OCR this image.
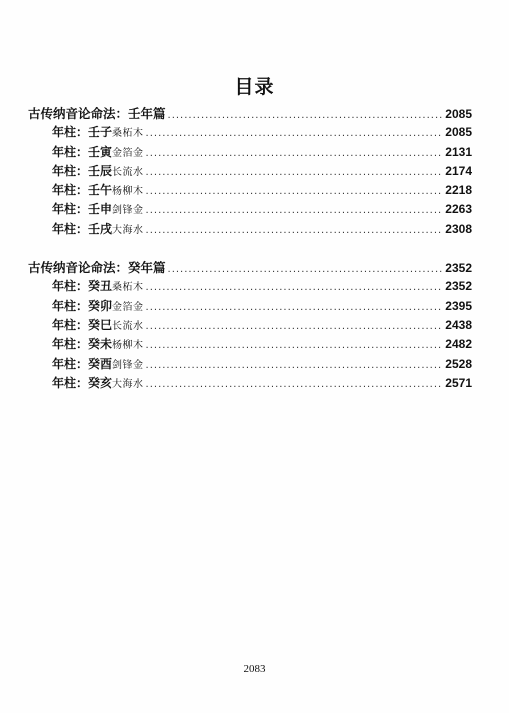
目录
古传纳音论命法：壬年篇 .....	2085
年柱：壬子桑柘木 .....	2085
年柱：壬寅金箔金 .....	2131
年柱：壬辰长流水 .....	2174
年柱：壬午杨柳木 .....	2218
年柱：壬申剑锋金 .....	2263
年柱：壬戌大海水 .....	2308
古传纳音论命法：癸年篇 .....	2352
年柱：癸丑桑柘木 .....	2352
年柱：癸卯金箔金 .....	2395
年柱：癸巳长流水 .....	2438
年柱：癸未杨柳木 .....	2482
年柱：癸酉剑锋金 .....	2528
年柱：癸亥大海水 .....	2571
2083
